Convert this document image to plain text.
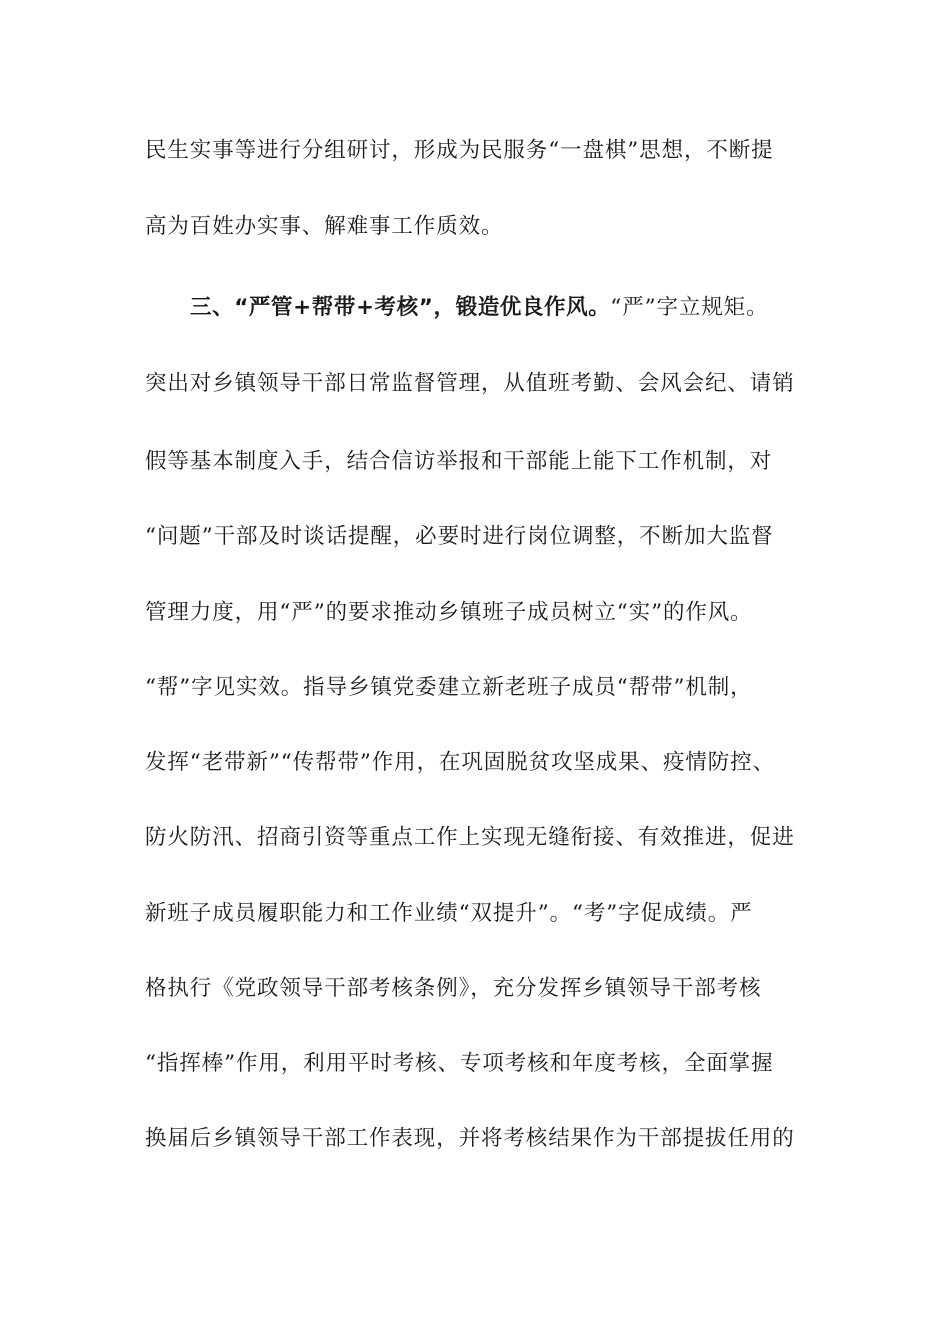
民生实事等进行分组研讨，形成为民服务“一盘棋”思想，不断提
高为百姓办实事、解难事工作质效。
三、“严管+帮带+考核”，锻造优良作风。“严”字立规矩。
突出对乡镇领导干部日常监督管理，从值班考勤、会风会纪、请销
假等基本制度入手，结合信访举报和干部能上能下工作机制，对
“问题”干部及时谈话提醒，必要时进行岗位调整，不断加大监督
管理力度，用“严”的要求推动乡镇班子成员树立“实”的作风。
“帮”字见实效。指导乡镇党委建立新老班子成员“帮带”机制，
发挥“老带新”“传帮带”作用，在巩固脱贫攻坚成果、疫情防控、
防火防汛、招商引资等重点工作上实现无缝衔接、有效推进，促进
新班子成员履职能力和工作业绩“双提升”。“考”字促成绩。严
格执行《党政领导干部考核条例》，充分发挥乡镇领导干部考核
“指挥棒”作用，利用平时考核、专项考核和年度考核，全面掌握
换届后乡镇领导干部工作表现，并将考核结果作为干部提拔任用的
